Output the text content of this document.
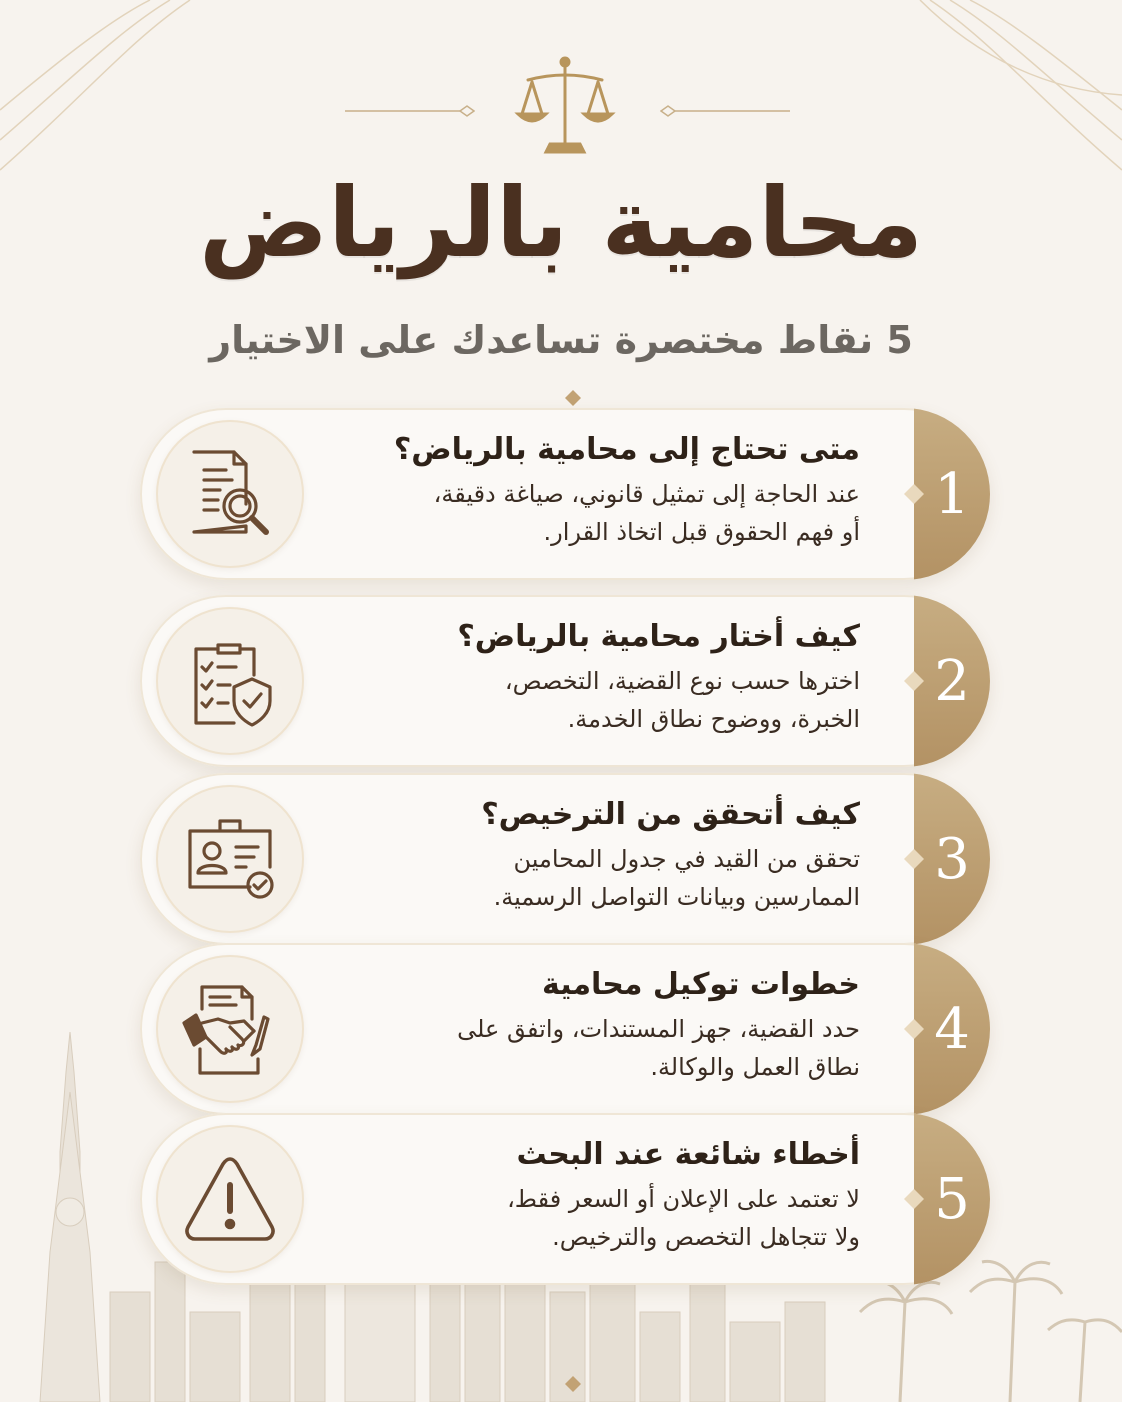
محامية بالرياض
5 نقاط مختصرة تساعدك على الاختيار
1
متى تحتاج إلى محامية بالرياض؟
عند الحاجة إلى تمثيل قانوني، صياغة دقيقة،
أو فهم الحقوق قبل اتخاذ القرار.
2
كيف أختار محامية بالرياض؟
اخترها حسب نوع القضية، التخصص،
الخبرة، ووضوح نطاق الخدمة.
3
كيف أتحقق من الترخيص؟
تحقق من القيد في جدول المحامين
الممارسين وبيانات التواصل الرسمية.
4
خطوات توكيل محامية
حدد القضية، جهز المستندات، واتفق على
نطاق العمل والوكالة.
5
أخطاء شائعة عند البحث
لا تعتمد على الإعلان أو السعر فقط،
ولا تتجاهل التخصص والترخيص.
